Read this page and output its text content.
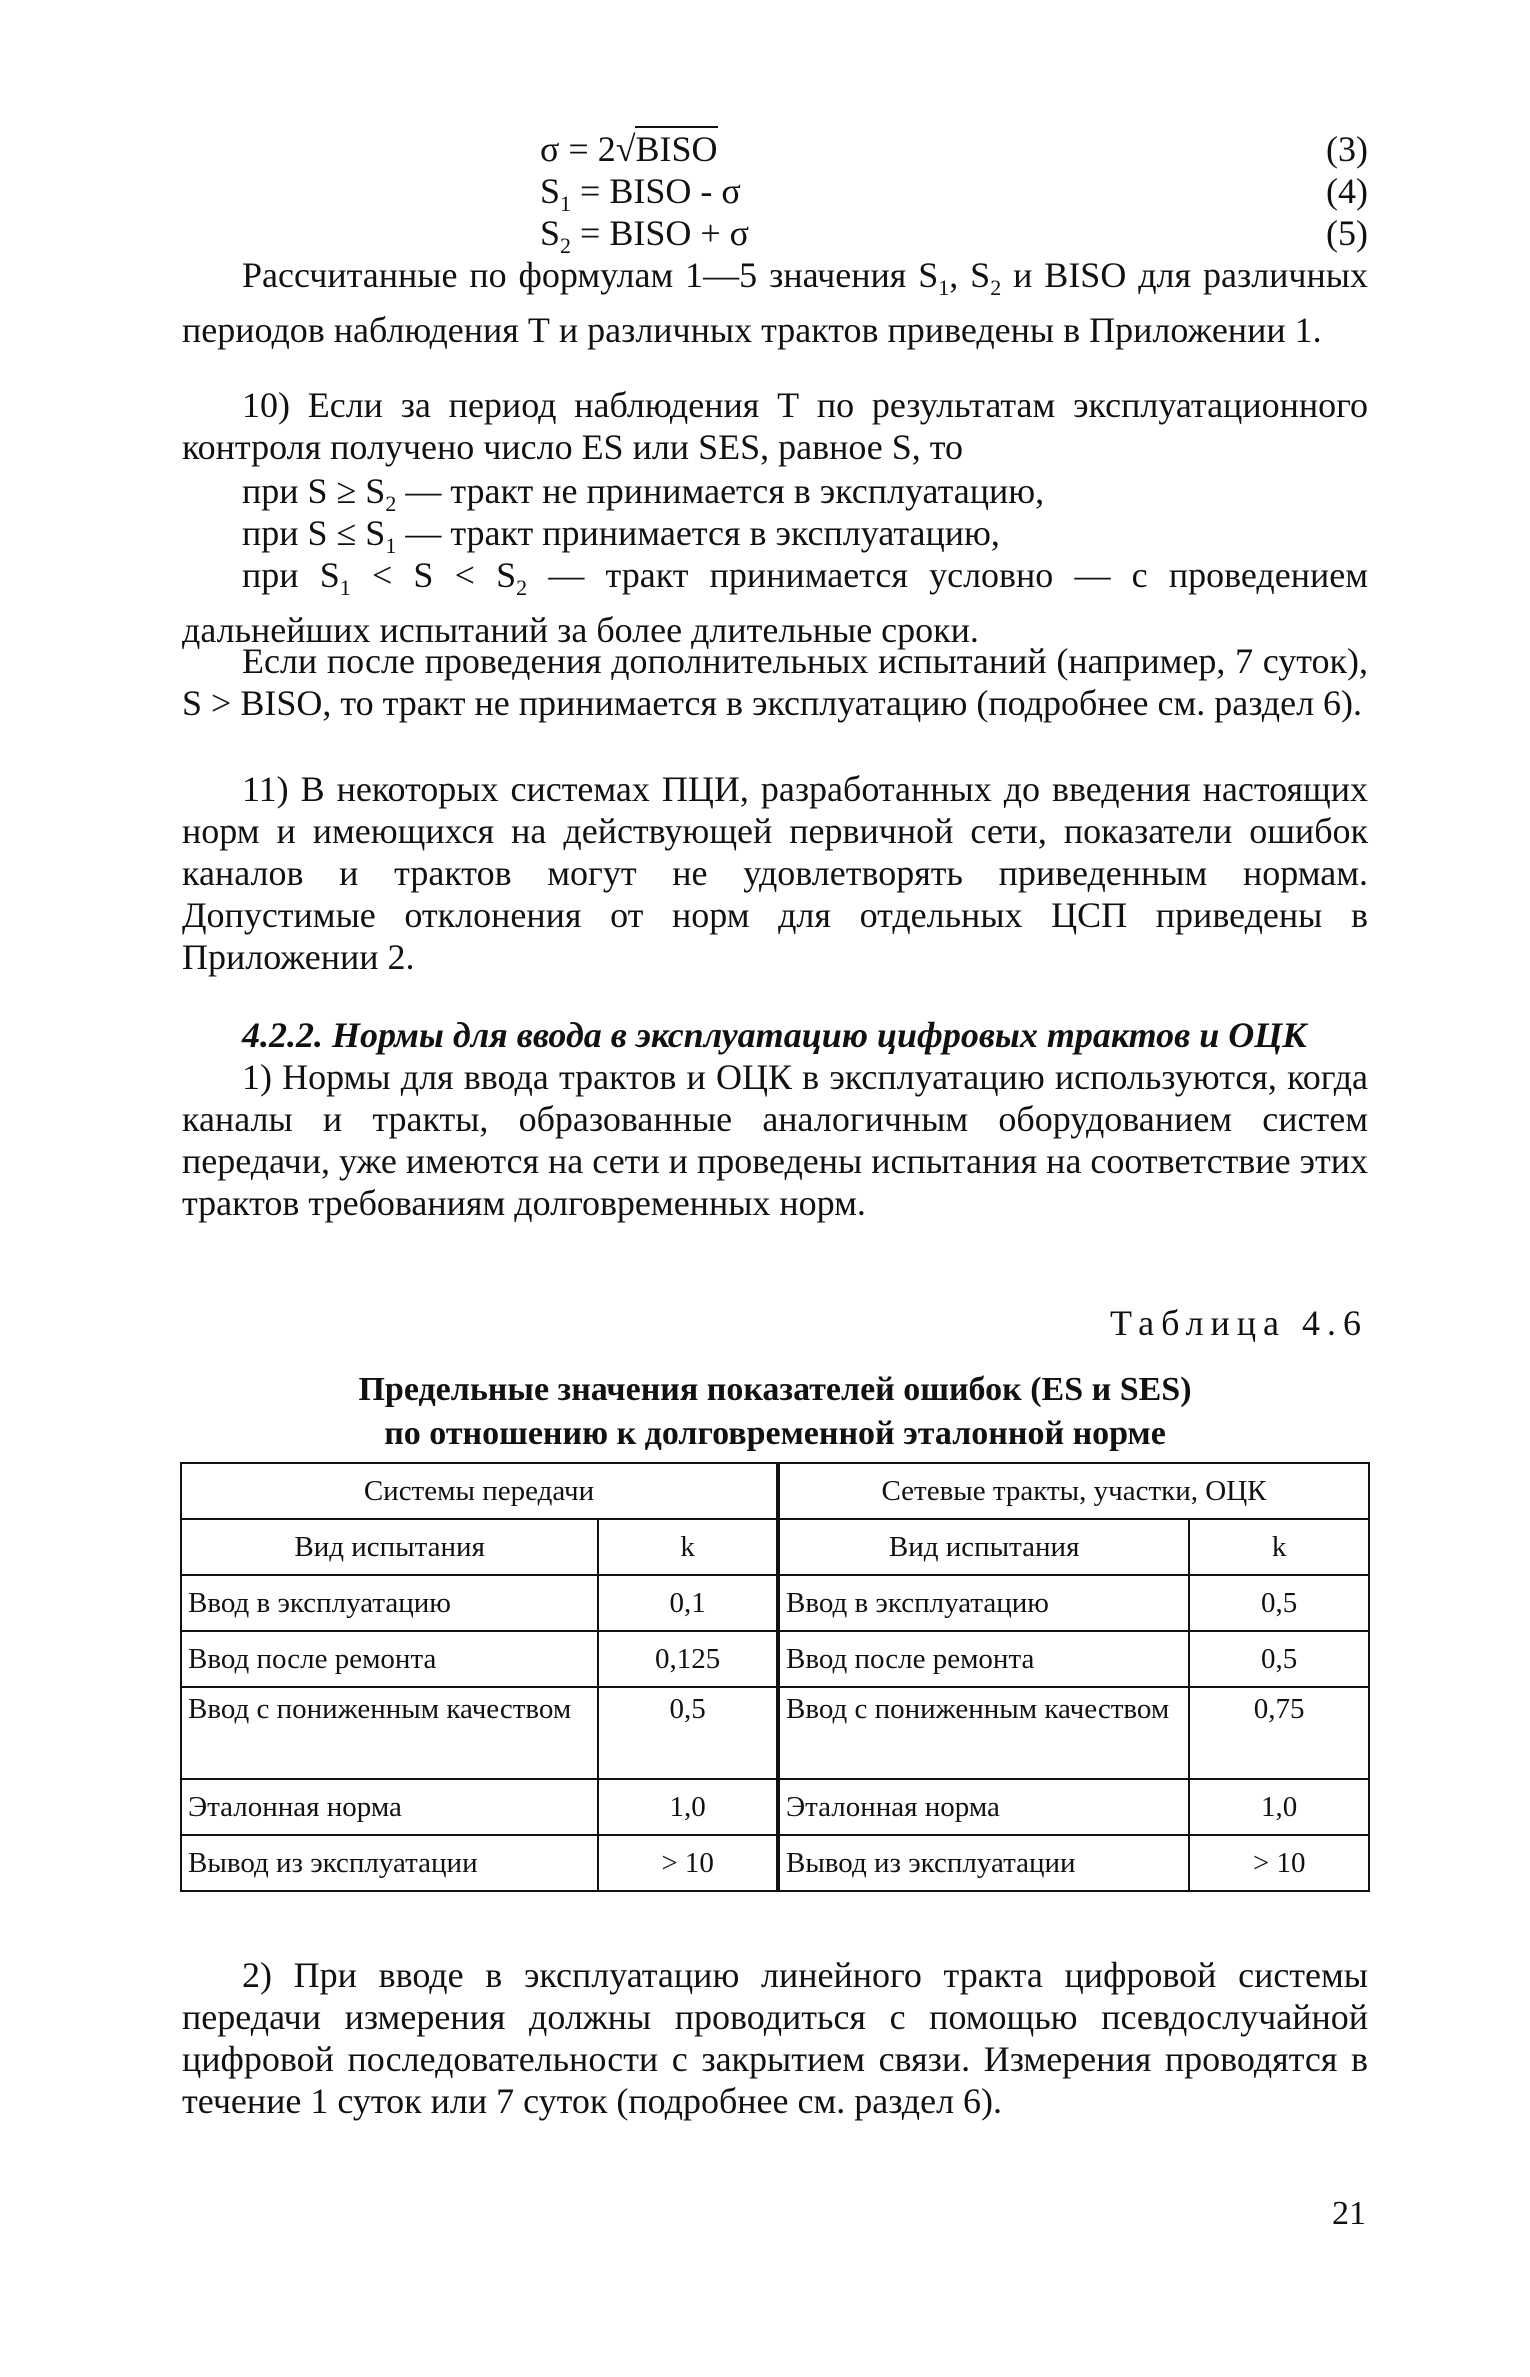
σ = 2√BISO	(3)
$S_1$ = BISO - σ	(4)
$S_2$ = BISO + σ	(5)
Рассчитанные по формулам 1—5 значения $S_1$, $S_2$ и BISO для различных периодов наблюдения Т и различных трактов приведены в Приложении 1.
10) Если за период наблюдения Т по результатам эксплуатационного контроля получено число ES или SES, равное S, то
при $S \ge S_2$ — тракт не принимается в эксплуатацию,
при $S \le S_1$ — тракт принимается в эксплуатацию,
при $S_1 < S < S_2$ — тракт принимается условно — с проведением дальнейших испытаний за более длительные сроки.
Если после проведения дополнительных испытаний (например, 7 суток), S > BISO, то тракт не принимается в эксплуатацию (подробнее см. раздел 6).
11) В некоторых системах ПЦИ, разработанных до введения настоящих норм и имеющихся на действующей первичной сети, показатели ошибок каналов и трактов могут не удовлетворять приведенным нормам. Допустимые отклонения от норм для отдельных ЦСП приведены в Приложении 2.
4.2.2. Нормы для ввода в эксплуатацию цифровых трактов и ОЦК
1) Нормы для ввода трактов и ОЦК в эксплуатацию используются, когда каналы и тракты, образованные аналогичным оборудованием систем передачи, уже имеются на сети и проведены испытания на соответствие этих трактов требованиям долговременных норм.
Таблица 4.6
Предельные значения показателей ошибок (ES и SES)
по отношению к долговременной эталонной норме
Системы передачи		Сетевые тракты, участки, ОЦК	
Вид испытания	k	Вид испытания	k
Ввод в эксплуатацию	0,1	Ввод в эксплуатацию	0,5
Ввод после ремонта	0,125	Ввод после ремонта	0,5
Ввод с пониженным качеством	0,5	Ввод с пониженным качеством	0,75
Эталонная норма	1,0	Эталонная норма	1,0
Вывод из эксплуатации	> 10	Вывод из эксплуатации	> 10
2) При вводе в эксплуатацию линейного тракта цифровой системы передачи измерения должны проводиться с помощью псевдослучайной цифровой последовательности с закрытием связи. Измерения проводятся в течение 1 суток или 7 суток (подробнее см. раздел 6).
21
